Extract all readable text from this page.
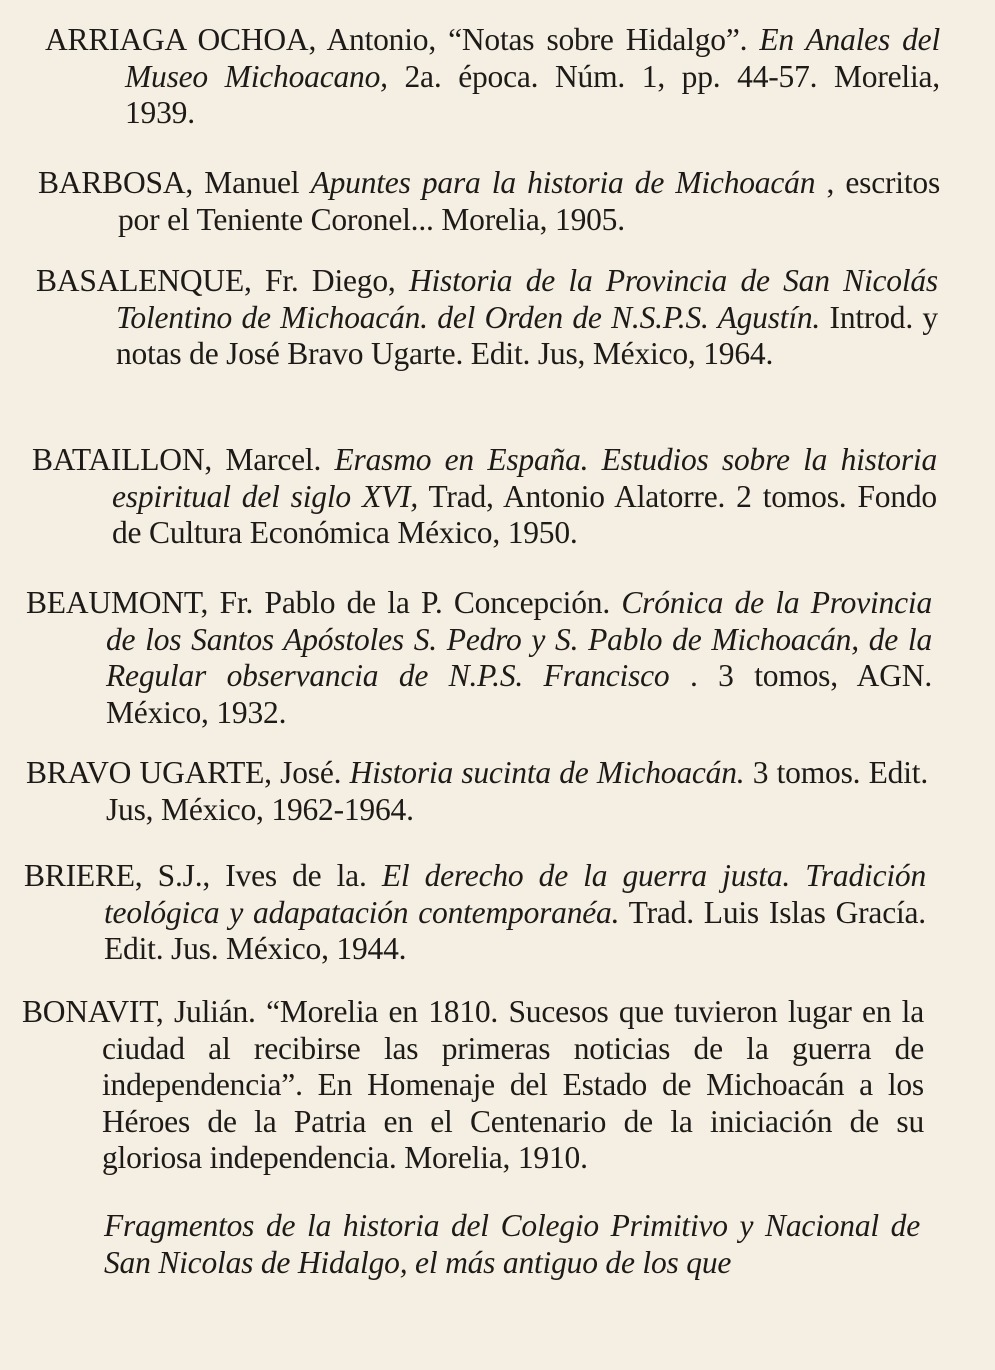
ARRIAGA OCHOA, Antonio, “Notas sobre Hidalgo”. En Anales del Museo Michoacano, 2a. época. Núm. 1, pp. 44-57. Morelia, 1939.

BARBOSA, Manuel Apuntes para la historia de Michoacán , escritos por el Teniente Coronel... Morelia, 1905.

BASALENQUE, Fr. Diego, Historia de la Provincia de San Nicolás Tolentino de Michoacán. del Orden de N.S.P.S. Agustín. Introd. y notas de José Bravo Ugarte. Edit. Jus, México, 1964.

BATAILLON, Marcel. Erasmo en España. Estudios sobre la historia espiritual del siglo XVI, Trad, Antonio Alatorre. 2 tomos. Fondo de Cultura Económica México, 1950.

BEAUMONT, Fr. Pablo de la P. Concepción. Crónica de la Provincia de los Santos Apóstoles S. Pedro y S. Pablo de Michoacán, de la Regular observancia de N.P.S. Francisco . 3 tomos, AGN. México, 1932.

BRAVO UGARTE, José. Historia sucinta de Michoacán. 3 tomos. Edit. Jus, México, 1962-1964.

BRIERE, S.J., Ives de la. El derecho de la guerra justa. Tradición teológica y adapatación contemporanéa. Trad. Luis Islas Gracía. Edit. Jus. México, 1944.

BONAVIT, Julián. “Morelia en 1810. Sucesos que tuvieron lugar en la ciudad al recibirse las primeras noticias de la guerra de independencia”. En Homenaje del Estado de Michoacán a los Héroes de la Patria en el Centenario de la iniciación de su gloriosa independencia. Morelia, 1910.

Fragmentos de la historia del Colegio Primitivo y Nacional de San Nicolas de Hidalgo, el más antiguo de los que
